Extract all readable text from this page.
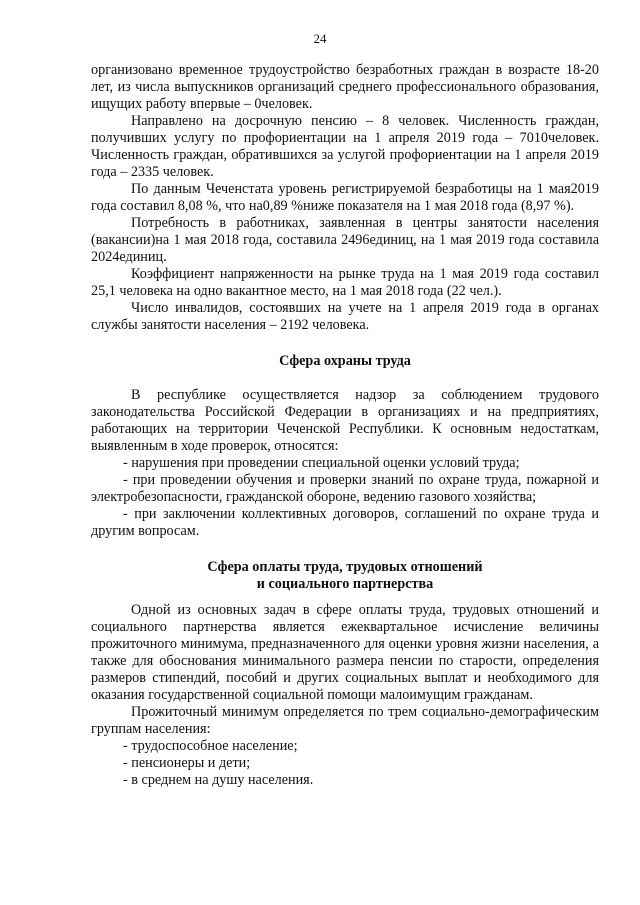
24

организовано временное трудоустройство безработных граждан в возрасте 18-20 лет, из числа выпускников организаций среднего профессионального образования, ищущих работу впервые – 0человек.

Направлено на досрочную пенсию – 8 человек. Численность граждан, получивших услугу по профориентации на 1 апреля 2019 года – 7010человек. Численность граждан, обратившихся за услугой профориентации на 1 апреля 2019 года – 2335 человек.

По данным Чеченстата уровень регистрируемой безработицы на 1 мая2019 года составил 8,08 %, что на0,89 %ниже показателя на 1 мая 2018 года (8,97 %).

Потребность в работниках, заявленная в центры занятости населения (вакансии)на 1 мая 2018 года, составила 2496единиц, на 1 мая 2019 года составила 2024единиц.

Коэффициент напряженности на рынке труда на 1 мая 2019 года составил 25,1 человека на одно вакантное место, на 1 мая 2018 года (22 чел.).

Число инвалидов, состоявших на учете на 1 апреля 2019 года в органах службы занятости населения – 2192 человека.

Сфера охраны труда

В республике осуществляется надзор за соблюдением трудового законодательства Российской Федерации в организациях и на предприятиях, работающих на территории Чеченской Республики. К основным недостаткам, выявленным в ходе проверок, относятся:

- нарушения при проведении специальной оценки условий труда;

- при проведении обучения и проверки знаний по охране труда, пожарной и электробезопасности, гражданской обороне, ведению газового хозяйства;

- при заключении коллективных договоров, соглашений по охране труда и другим вопросам.

Сфера оплаты труда, трудовых отношений

и социального партнерства

Одной из основных задач в сфере оплаты труда, трудовых отношений и социального партнерства является ежеквартальное исчисление величины прожиточного минимума, предназначенного для оценки уровня жизни населения, а также для обоснования минимального размера пенсии по старости, определения размеров стипендий, пособий и других социальных выплат и необходимого для оказания государственной социальной помощи малоимущим гражданам.

Прожиточный минимум определяется по трем социально-демографическим группам населения:

- трудоспособное население;

- пенсионеры и дети;

- в среднем на душу населения.
